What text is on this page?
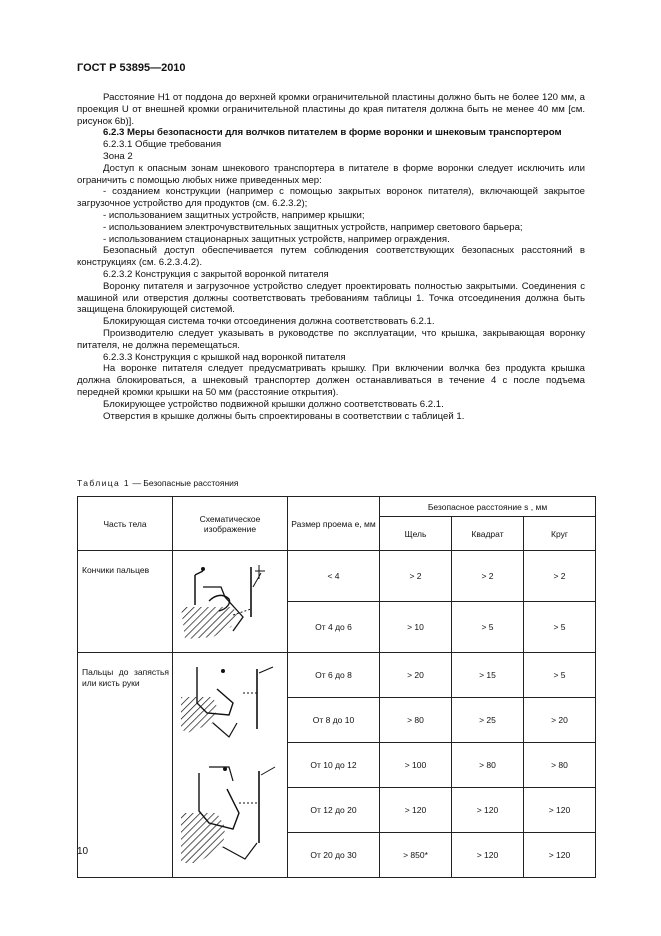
ГОСТ Р 53895—2010

Расстояние H1 от поддона до верхней кромки ограничительной пластины должно быть не более 120 мм, а проекция U от внешней кромки ограничительной пластины до края питателя должна быть не менее 40 мм [см. рисунок 6b)].

6.2.3 Меры безопасности для волчков питателем в форме воронки и шнековым транспортером

6.2.3.1 Общие требования

Зона 2

Доступ к опасным зонам шнекового транспортера в питателе в форме воронки следует исключить или ограничить с помощью любых ниже приведенных мер:

- созданием конструкции (например с помощью закрытых воронок питателя), включающей закрытое загрузочное устройство для продуктов (см. 6.2.3.2);

- использованием защитных устройств, например крышки;

- использованием электрочувствительных защитных устройств, например светового барьера;

- использованием стационарных защитных устройств, например ограждения.

Безопасный доступ обеспечивается путем соблюдения соответствующих безопасных расстояний в конструкциях (см. 6.2.3.4.2).

6.2.3.2 Конструкция с закрытой воронкой питателя

Воронку питателя и загрузочное устройство следует проектировать полностью закрытыми. Соединения с машиной или отверстия должны соответствовать требованиям таблицы 1. Точка отсоединения должна быть защищена блокирующей системой.

Блокирующая система точки отсоединения должна соответствовать 6.2.1.

Производителю следует указывать в руководстве по эксплуатации, что крышка, закрывающая воронку питателя, не должна перемещаться.

6.2.3.3 Конструкция с крышкой над воронкой питателя

На воронке питателя следует предусматривать крышку. При включении волчка без продукта крышка должна блокироваться, а шнековый транспортер должен останавливаться в течение 4 с после подъема передней кромки крышки на 50 мм (расстояние открытия).

Блокирующее устройство подвижной крышки должно соответствовать 6.2.1.

Отверстия в крышке должны быть спроектированы в соответствии с таблицей 1.

Таблица 1 — Безопасные расстояния
Часть тела	Схематическое изображение	Размер проема е, мм	Безопасное расстояние s , мм		
			Щель	Квадрат	Круг
Кончики пальцев		< 4	> 2	> 2	> 2
		От 4 до 6	> 10	> 5	> 5
Пальцы до запястья или кисть руки		От 6 до 8	> 20	> 15	> 5
		От 8 до 10	> 80	> 25	> 20
		От 10 до 12	> 100	> 80	> 80
		От 12 до 20	> 120	> 120	> 120
		От 20 до 30	> 850*	> 120	> 120
10
